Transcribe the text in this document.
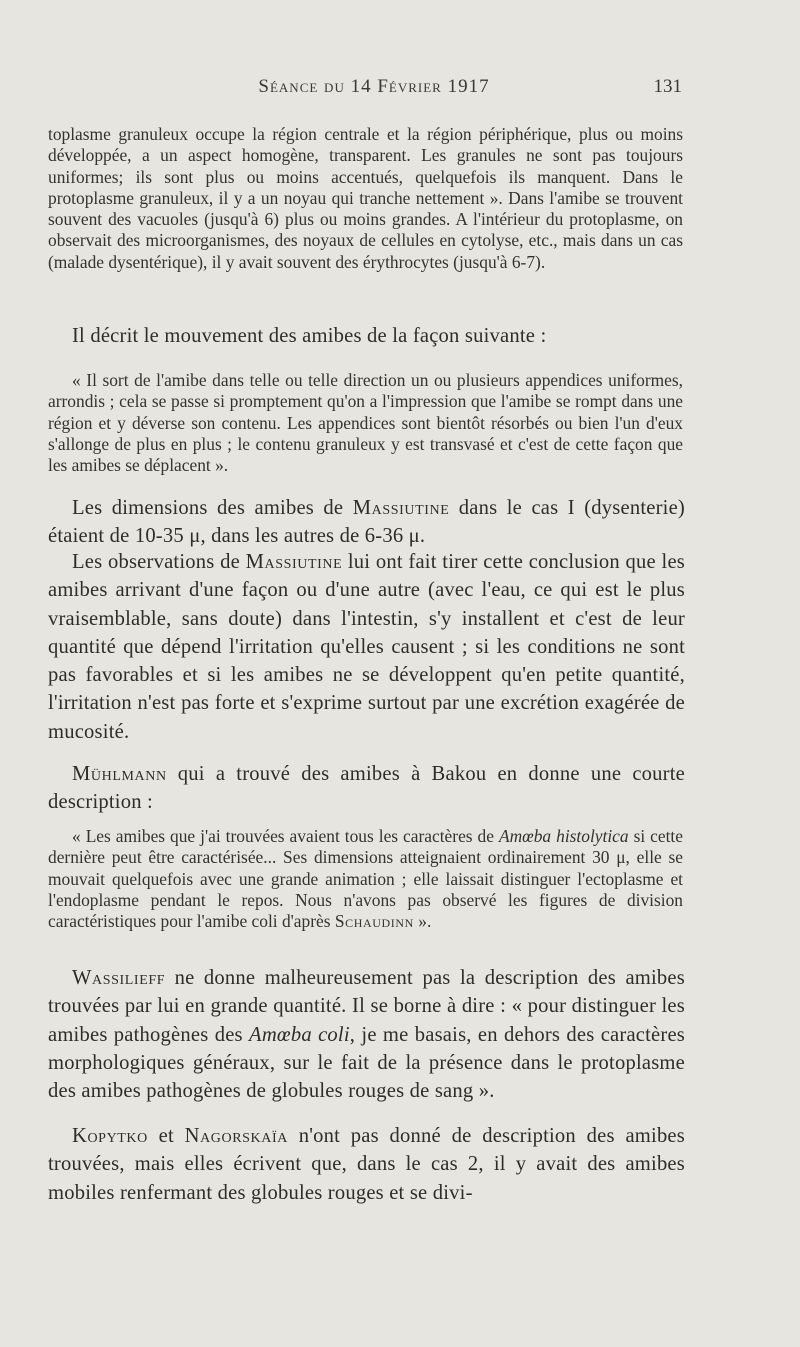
Séance du 14 Février 1917	131

toplasme granuleux occupe la région centrale et la région périphérique, plus ou moins développée, a un aspect homogène, transparent. Les granules ne sont pas toujours uniformes; ils sont plus ou moins accentués, quelquefois ils manquent. Dans le protoplasme granuleux, il y a un noyau qui tranche nettement ». Dans l'amibe se trouvent souvent des vacuoles (jusqu'à 6) plus ou moins grandes. A l'intérieur du protoplasme, on observait des microorganismes, des noyaux de cellules en cytolyse, etc., mais dans un cas (malade dysentérique), il y avait souvent des érythrocytes (jusqu'à 6-7).

Il décrit le mouvement des amibes de la façon suivante :

« Il sort de l'amibe dans telle ou telle direction un ou plusieurs appendices uniformes, arrondis ; cela se passe si promptement qu'on a l'impression que l'amibe se rompt dans une région et y déverse son contenu. Les appendices sont bientôt résorbés ou bien l'un d'eux s'allonge de plus en plus ; le contenu granuleux y est transvasé et c'est de cette façon que les amibes se déplacent ».

Les dimensions des amibes de Massiutine dans le cas I (dysenterie) étaient de 10-35 μ, dans les autres de 6-36 μ.

Les observations de Massiutine lui ont fait tirer cette conclusion que les amibes arrivant d'une façon ou d'une autre (avec l'eau, ce qui est le plus vraisemblable, sans doute) dans l'intestin, s'y installent et c'est de leur quantité que dépend l'irritation qu'elles causent ; si les conditions ne sont pas favorables et si les amibes ne se développent qu'en petite quantité, l'irritation n'est pas forte et s'exprime surtout par une excrétion exagérée de mucosité.

Mühlmann qui a trouvé des amibes à Bakou en donne une courte description :

« Les amibes que j'ai trouvées avaient tous les caractères de Amœba histolytica si cette dernière peut être caractérisée... Ses dimensions atteignaient ordinairement 30 μ, elle se mouvait quelquefois avec une grande animation ; elle laissait distinguer l'ectoplasme et l'endoplasme pendant le repos. Nous n'avons pas observé les figures de division caractéristiques pour l'amibe coli d'après Schaudinn ».

Wassilieff ne donne malheureusement pas la description des amibes trouvées par lui en grande quantité. Il se borne à dire : « pour distinguer les amibes pathogènes des Amœba coli, je me basais, en dehors des caractères morphologiques généraux, sur le fait de la présence dans le protoplasme des amibes pathogènes de globules rouges de sang ».

Kopytko et Nagorskaïa n'ont pas donné de description des amibes trouvées, mais elles écrivent que, dans le cas 2, il y avait des amibes mobiles renfermant des globules rouges et se divi-
